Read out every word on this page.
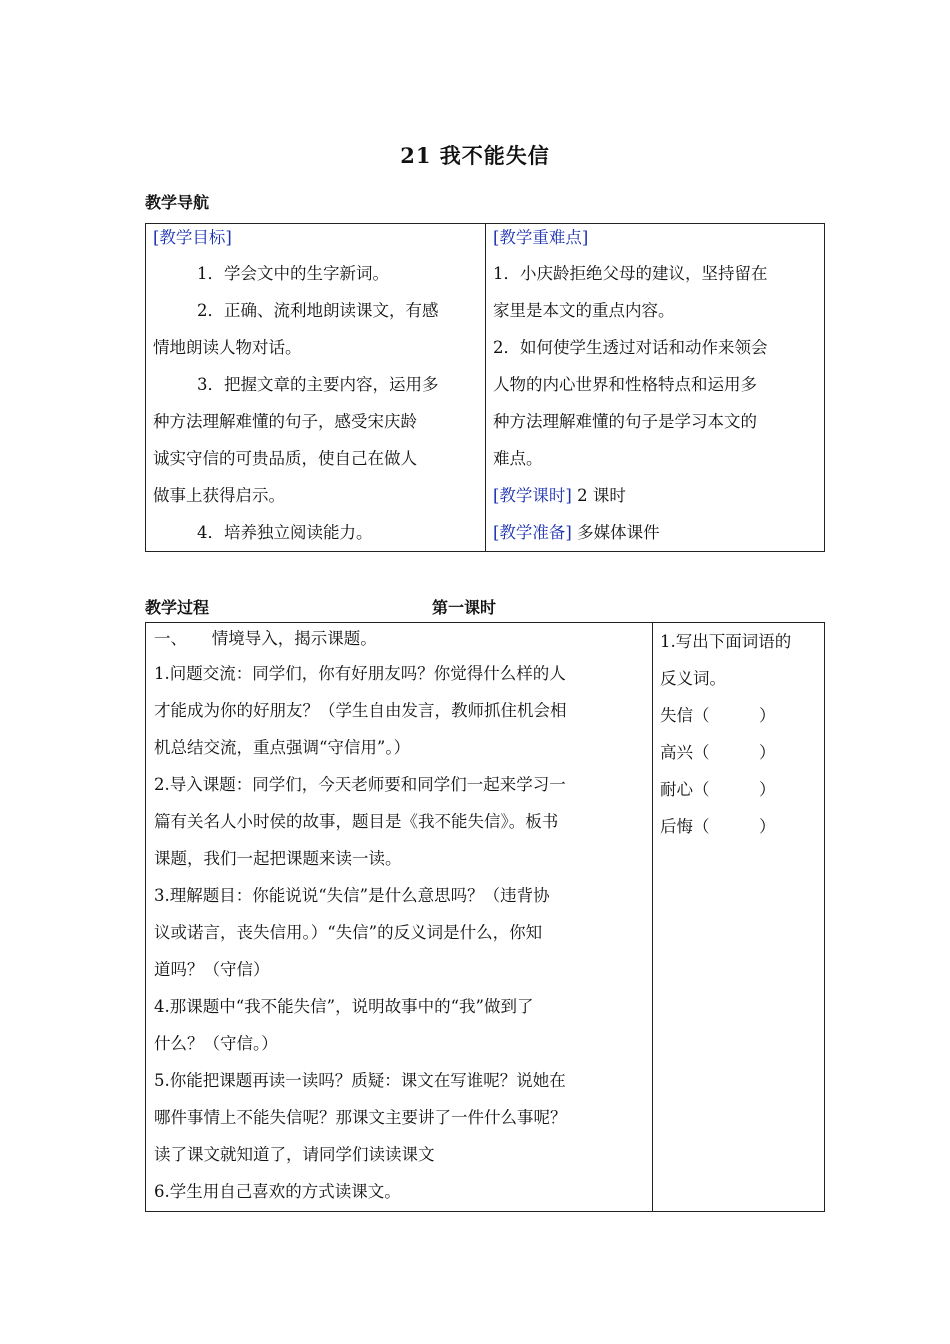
21 我不能失信
教学导航
[教学目标]
1．学会文中的生字新词。
2．正确、流利地朗读课文，有感
情地朗读人物对话。
3．把握文章的主要内容，运用多
种方法理解难懂的句子，感受宋庆龄
诚实守信的可贵品质，使自己在做人
做事上获得启示。
4．培养独立阅读能力。
[教学重难点]
1．小庆龄拒绝父母的建议，坚持留在
家里是本文的重点内容。
2．如何使学生透过对话和动作来领会
人物的内心世界和性格特点和运用多
种方法理解难懂的句子是学习本文的
难点。
[教学课时] 2 课时
[教学准备] 多媒体课件
教学过程	第一课时
一、　　情境导入，揭示课题。
1.问题交流：同学们，你有好朋友吗？你觉得什么样的人
才能成为你的好朋友？（学生自由发言，教师抓住机会相
机总结交流，重点强调“守信用”。）
2.导入课题：同学们，今天老师要和同学们一起来学习一
篇有关名人小时侯的故事，题目是《我不能失信》。板书
课题，我们一起把课题来读一读。
3.理解题目：你能说说“失信”是什么意思吗？（违背协
议或诺言，丧失信用。）“失信”的反义词是什么，你知
道吗？（守信）
4.那课题中“我不能失信”，说明故事中的“我”做到了
什么？（守信。）
5.你能把课题再读一读吗？质疑：课文在写谁呢？说她在
哪件事情上不能失信呢？那课文主要讲了一件什么事呢？
读了课文就知道了，请同学们读读课文
6.学生用自己喜欢的方式读课文。
1.写出下面词语的
反义词。
失信（　　　）
高兴（　　　）
耐心（　　　）
后悔（　　　）
